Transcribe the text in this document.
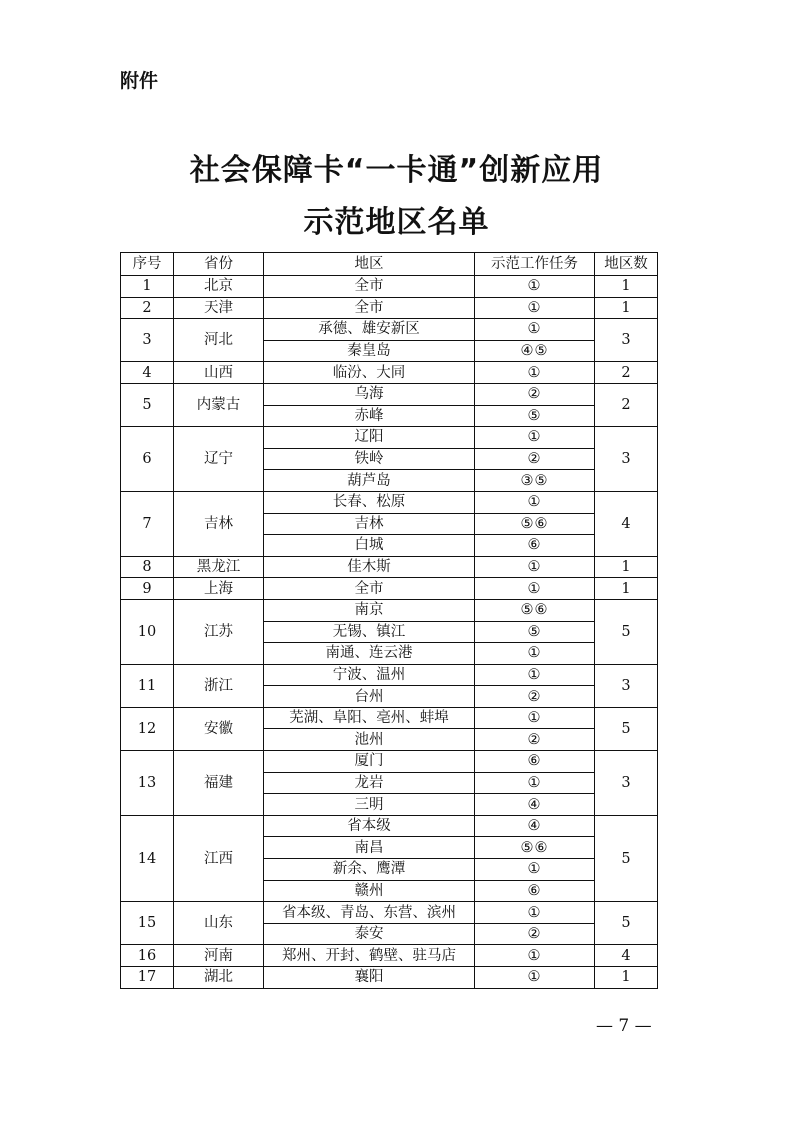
附件
社会保障卡“一卡通”创新应用
示范地区名单
序号	省份	地区	示范工作任务	地区数
1	北京	全市	①	1
2	天津	全市	①	1
3	河北	承德、雄安新区	①	3
		秦皇岛	④⑤	
4	山西	临汾、大同	①	2
5	内蒙古	乌海	②	2
		赤峰	⑤	
6	辽宁	辽阳	①	3
		铁岭	②	
		葫芦岛	③⑤	
7	吉林	长春、松原	①	4
		吉林	⑤⑥	
		白城	⑥	
8	黑龙江	佳木斯	①	1
9	上海	全市	①	1
10	江苏	南京	⑤⑥	5
		无锡、镇江	⑤	
		南通、连云港	①	
11	浙江	宁波、温州	①	3
		台州	②	
12	安徽	芜湖、阜阳、亳州、蚌埠	①	5
		池州	②	
13	福建	厦门	⑥	3
		龙岩	①	
		三明	④	
14	江西	省本级	④	5
		南昌	⑤⑥	
		新余、鹰潭	①	
		赣州	⑥	
15	山东	省本级、青岛、东营、滨州	①	5
		泰安	②	
16	河南	郑州、开封、鹤壁、驻马店	①	4
17	湖北	襄阳	①	1
— 7 —
